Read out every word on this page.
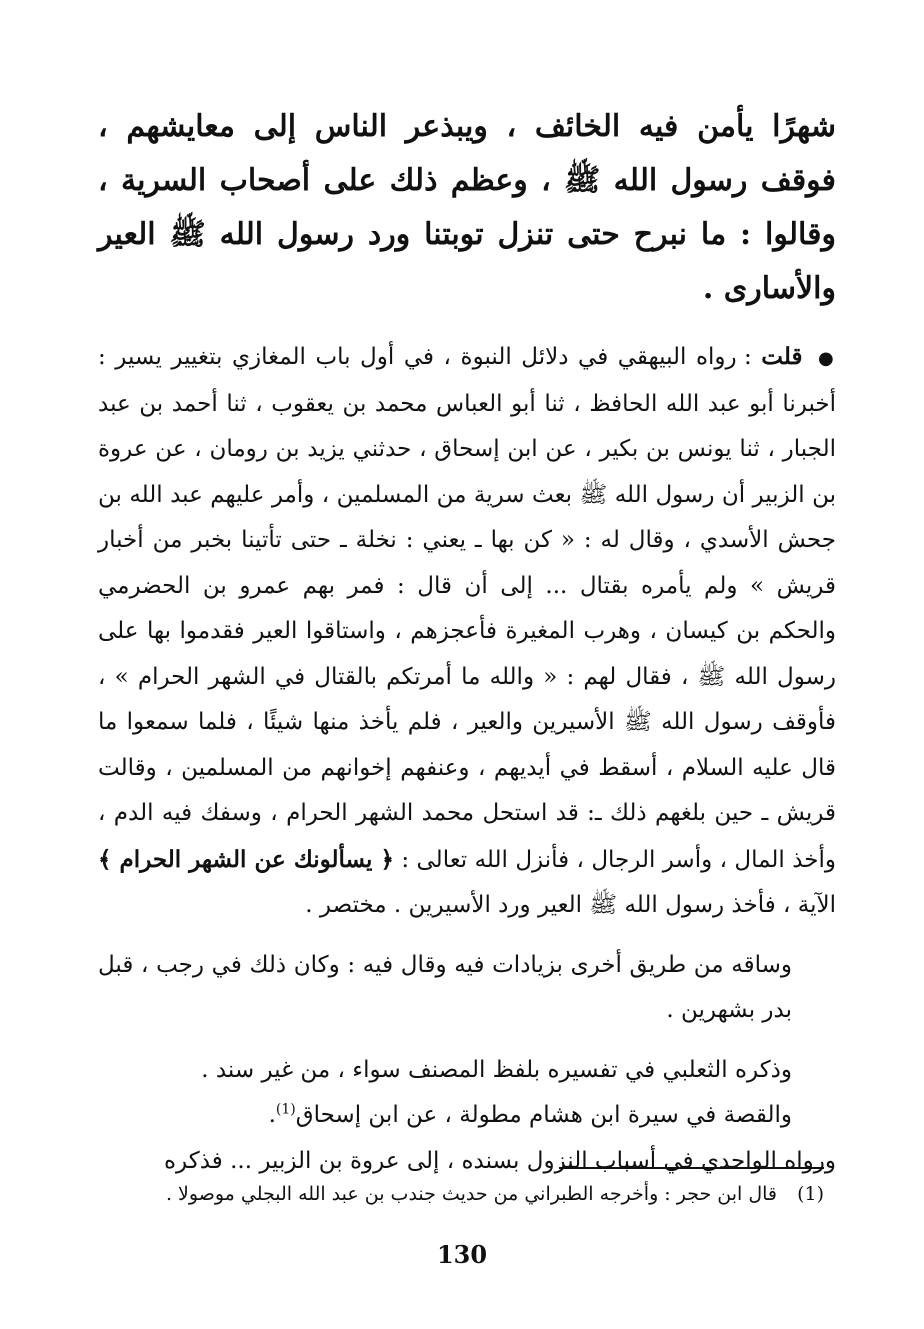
شهرًا يأمن فيه الخائف ، ويبذعر الناس إلى معايشهم ، فوقف رسول الله ﷺ ، وعظم ذلك على أصحاب السرية ، وقالوا : ما نبرح حتى تنزل توبتنا ورد رسول الله ﷺ العير والأسارى .

● قلت : رواه البيهقي في دلائل النبوة ، في أول باب المغازي بتغيير يسير : أخبرنا أبو عبد الله الحافظ ، ثنا أبو العباس محمد بن يعقوب ، ثنا أحمد بن عبد الجبار ، ثنا يونس بن بكير ، عن ابن إسحاق ، حدثني يزيد بن رومان ، عن عروة بن الزبير أن رسول الله ﷺ بعث سرية من المسلمين ، وأمر عليهم عبد الله بن جحش الأسدي ، وقال له : « كن بها ـ يعني : نخلة ـ حتى تأتينا بخبر من أخبار قريش » ولم يأمره بقتال ... إلى أن قال : فمر بهم عمرو بن الحضرمي والحكم بن كيسان ، وهرب المغيرة فأعجزهم ، واستاقوا العير فقدموا بها على رسول الله ﷺ ، فقال لهم : « والله ما أمرتكم بالقتال في الشهر الحرام » ، فأوقف رسول الله ﷺ الأسيرين والعير ، فلم يأخذ منها شيئًا ، فلما سمعوا ما قال عليه السلام ، أسقط في أيديهم ، وعنفهم إخوانهم من المسلمين ، وقالت قريش ـ حين بلغهم ذلك ـ: قد استحل محمد الشهر الحرام ، وسفك فيه الدم ، وأخذ المال ، وأسر الرجال ، فأنزل الله تعالى : ﴿ يسألونك عن الشهر الحرام ﴾ الآية ، فأخذ رسول الله ﷺ العير ورد الأسيرين . مختصر .

وساقه من طريق أخرى بزيادات فيه وقال فيه : وكان ذلك في رجب ، قبل بدر بشهرين .

وذكره الثعلبي في تفسيره بلفظ المصنف سواء ، من غير سند .

والقصة في سيرة ابن هشام مطولة ، عن ابن إسحاق$^{(1)}$.

ورواه الواحدي في أسباب النزول بسنده ، إلى عروة بن الزبير ... فذكره

(1) قال ابن حجر : وأخرجه الطبراني من حديث جندب بن عبد الله البجلي موصولا .
130
